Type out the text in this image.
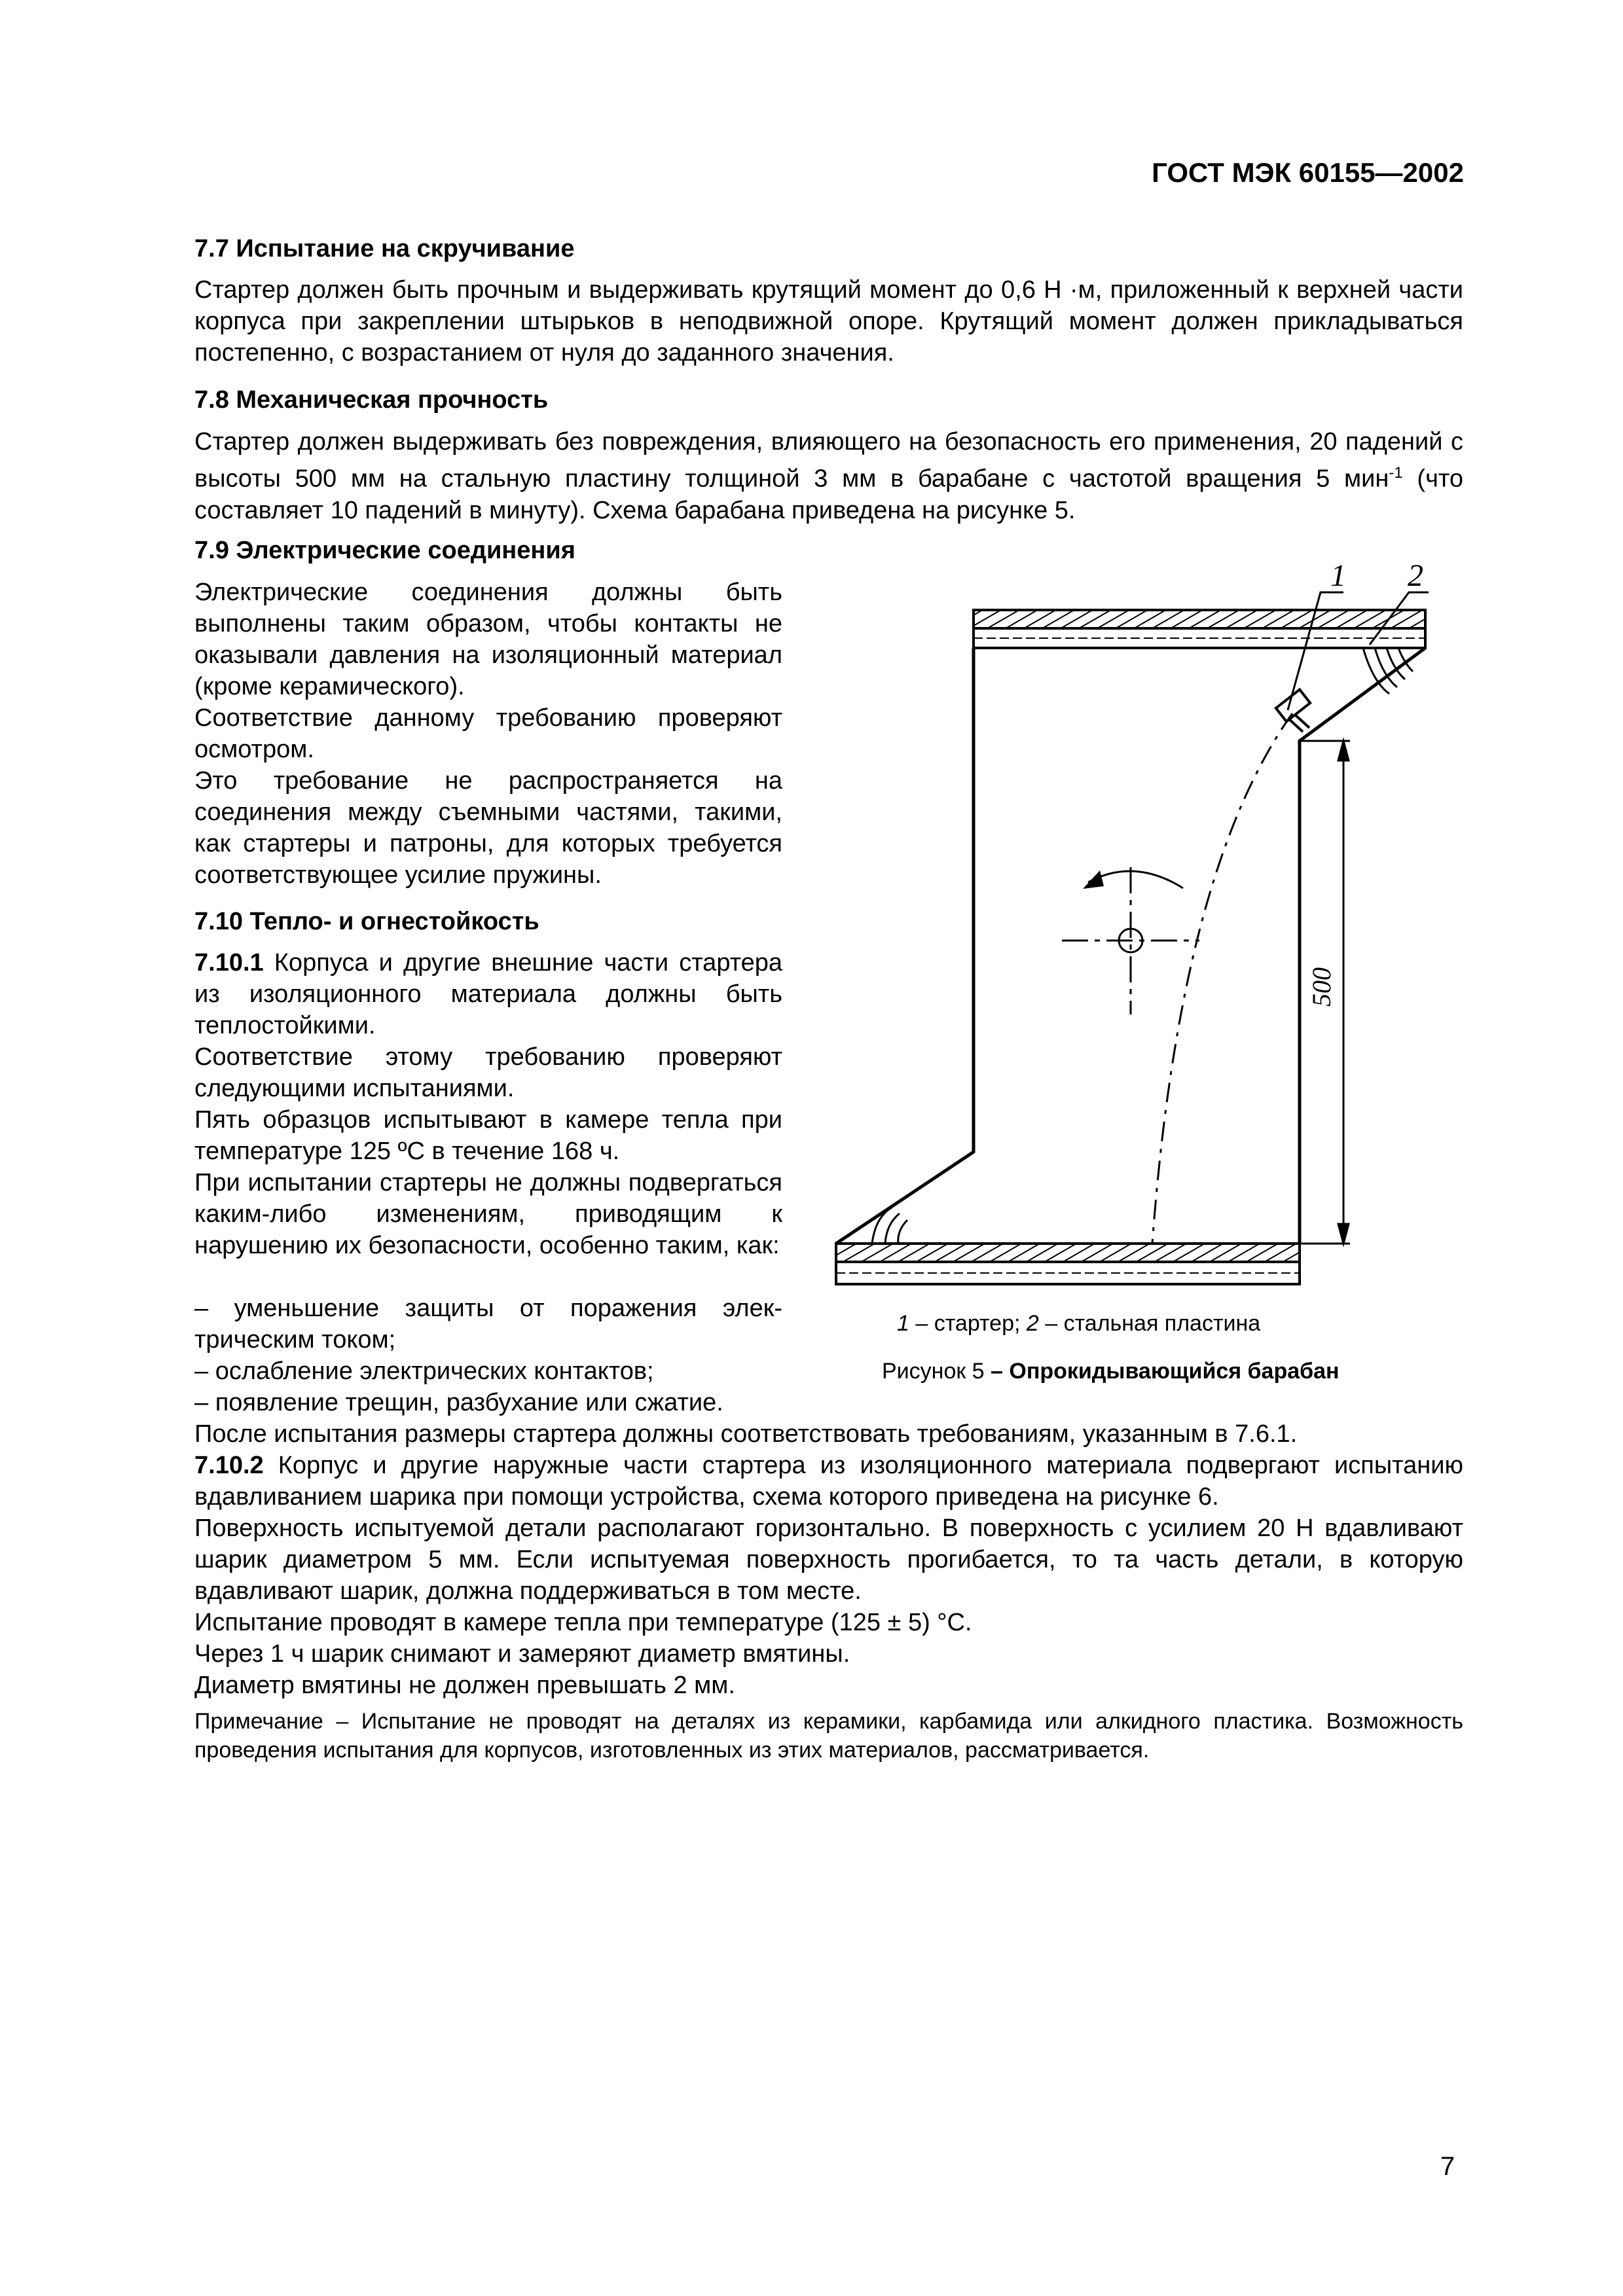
ГОСТ МЭК 60155—2002
7.7 Испытание на скручивание

Стартер должен быть прочным и выдерживать крутящий момент до 0,6 Н ·м, приложенный к верхней части корпуса при закреплении штырьков в неподвижной опоре. Крутящий момент должен прикладываться постепенно, с возрастанием от нуля до заданного значения.

7.8 Механическая прочность

Стартер должен выдерживать без повреждения, влияющего на безопасность его применения, 20 падений с высоты 500 мм на стальную пластину толщиной 3 мм в барабане с частотой вращения 5 мин$^{-1}$ (что составляет 10 падений в минуту). Схема барабана приведена на рисунке 5.

7.9 Электрические соединения

Электрические соединения должны быть выполнены таким образом, чтобы контакты не оказывали давления на изоляционный материал (кроме керамического).

Соответствие данному требованию проверяют осмотром.

Это требование не распространяется на соединения между съемными частями, такими, как стартеры и патроны, для которых требуется соответствующее усилие пружины.

7.10 Тепло- и огнестойкость

7.10.1 Корпуса и другие внешние части стартера из изоляционного материала должны быть теплостойкими.

Соответствие этому требованию проверяют следующими испытаниями.

Пять образцов испытывают в камере тепла при температуре 125 ºС в течение 168 ч.

При испытании стартеры не должны подвергаться каким-либо изменениям, приводящим к нарушению их безопасности, особенно таким, как:

– уменьшение защиты от поражения электрическим током;

– ослабление электрических контактов;

– появление трещин, разбухание или сжатие.

После испытания размеры стартера должны соответствовать требованиям, указанным в 7.6.1.

7.10.2 Корпус и другие наружные части стартера из изоляционного материала подвергают испытанию вдавливанием шарика при помощи устройства, схема которого приведена на рисунке 6.

Поверхность испытуемой детали располагают горизонтально. В поверхность с усилием 20 Н вдавливают шарик диаметром 5 мм. Если испытуемая поверхность прогибается, то та часть детали, в которую вдавливают шарик, должна поддерживаться в том месте.

Испытание проводят в камере тепла при температуре (125 ± 5) °С.

Через 1 ч шарик снимают и замеряют диаметр вмятины.

Диаметр вмятины не должен превышать 2 мм.

Примечание – Испытание не проводят на деталях из керамики, карбамида или алкидного пластика. Возможность проведения испытания для корпусов, изготовленных из этих материалов, рассматривается.

1 2
500
1 – стартер; 2 – стальная пластина
Рисунок 5 – Опрокидывающийся барабан
7
